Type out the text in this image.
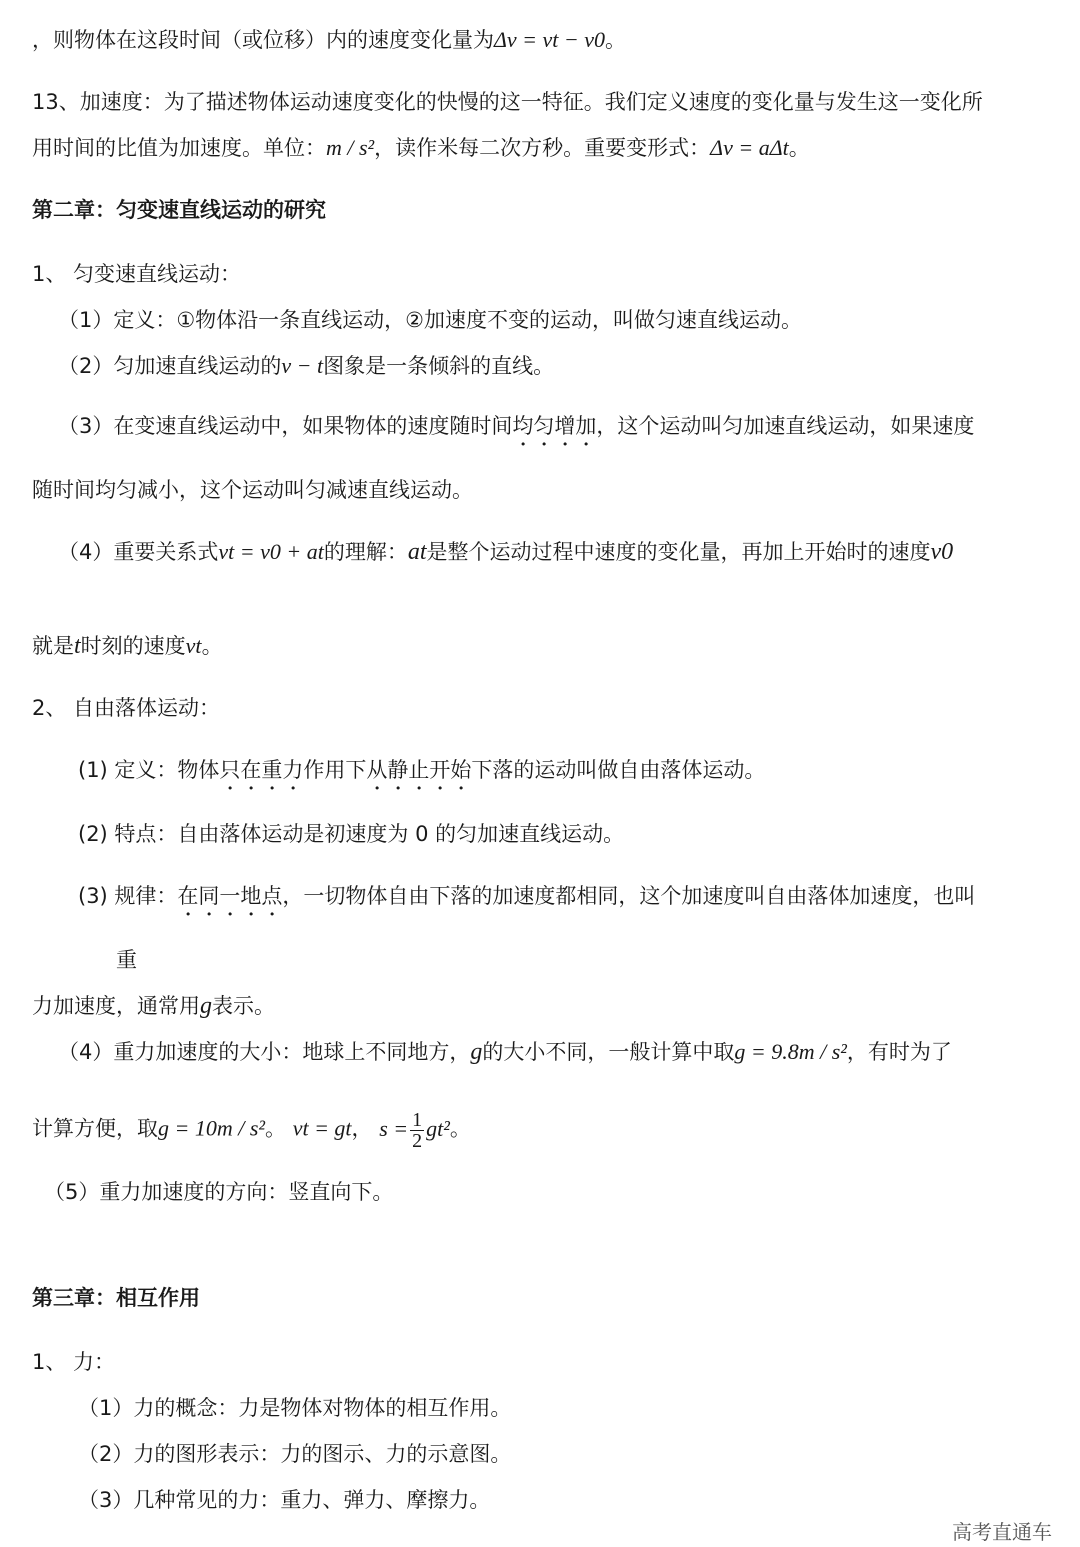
，则物体在这段时间（或位移）内的速度变化量为Δv = vt − v0。
13、加速度：为了描述物体运动速度变化的快慢的这一特征。我们定义速度的变化量与发生这一变化所
用时间的比值为加速度。单位：m / s²，读作米每二次方秒。重要变形式：Δv = aΔt。
第二章：匀变速直线运动的研究
1、 匀变速直线运动：
（1）定义：①物体沿一条直线运动，②加速度不变的运动，叫做匀速直线运动。
（2）匀加速直线运动的v − t图象是一条倾斜的直线。
（3）在变速直线运动中，如果物体的速度随时间均匀增加，这个运动叫匀加速直线运动，如果速度
随时间均匀减小，这个运动叫匀减速直线运动。
（4）重要关系式vt = v0 + at的理解：at是整个运动过程中速度的变化量，再加上开始时的速度v0
就是t时刻的速度vt。
2、 自由落体运动：
(1) 定义：物体只在重力作用下从静止开始下落的运动叫做自由落体运动。
(2) 特点：自由落体运动是初速度为 0 的匀加速直线运动。
(3) 规律：在同一地点，一切物体自由下落的加速度都相同，这个加速度叫自由落体加速度，也叫
重
力加速度，通常用g表示。
（4）重力加速度的大小：地球上不同地方，g的大小不同，一般计算中取g = 9.8m / s²，有时为了
计算方便，取g = 10m / s²。 vt = gt， $s = \frac{1}{2} gt^2$。
（5）重力加速度的方向：竖直向下。
第三章：相互作用
1、 力：
（1）力的概念：力是物体对物体的相互作用。
（2）力的图形表示：力的图示、力的示意图。
（3）几种常见的力：重力、弹力、摩擦力。
高考直通车
